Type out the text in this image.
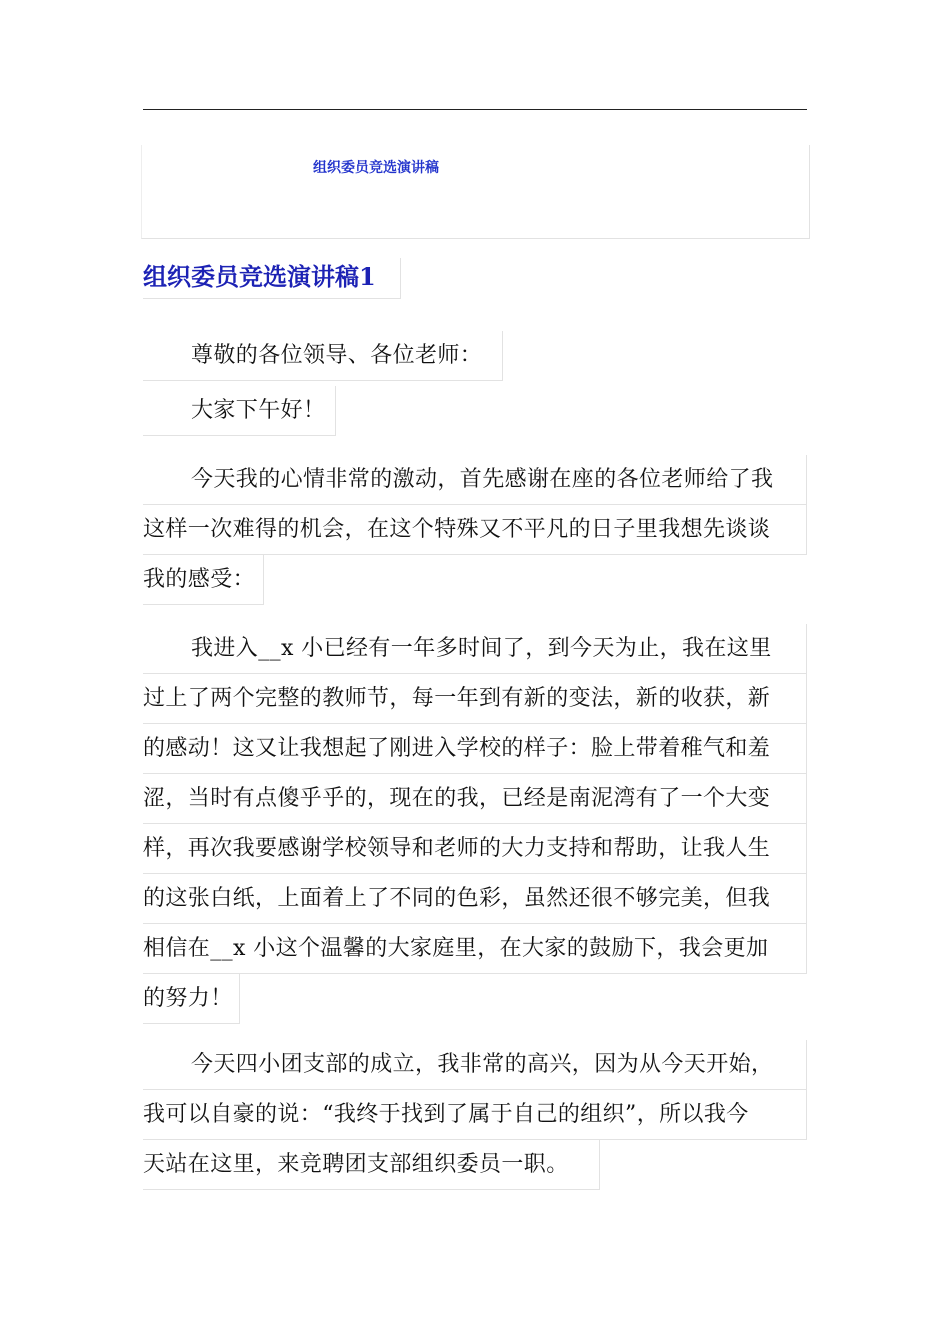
组织委员竞选演讲稿
组织委员竞选演讲稿1
尊敬的各位领导、各位老师：
大家下午好！
今天我的心情非常的激动，首先感谢在座的各位老师给了我
这样一次难得的机会，在这个特殊又不平凡的日子里我想先谈谈
我的感受：
我进入__x 小已经有一年多时间了，到今天为止，我在这里
过上了两个完整的教师节，每一年到有新的变法，新的收获，新
的感动！这又让我想起了刚进入学校的样子：脸上带着稚气和羞
涩，当时有点傻乎乎的，现在的我，已经是南泥湾有了一个大变
样，再次我要感谢学校领导和老师的大力支持和帮助，让我人生
的这张白纸，上面着上了不同的色彩，虽然还很不够完美，但我
相信在__x 小这个温馨的大家庭里，在大家的鼓励下，我会更加
的努力！
今天四小团支部的成立，我非常的高兴，因为从今天开始，
我可以自豪的说：“我终于找到了属于自己的组织”，所以我今
天站在这里，来竞聘团支部组织委员一职。
